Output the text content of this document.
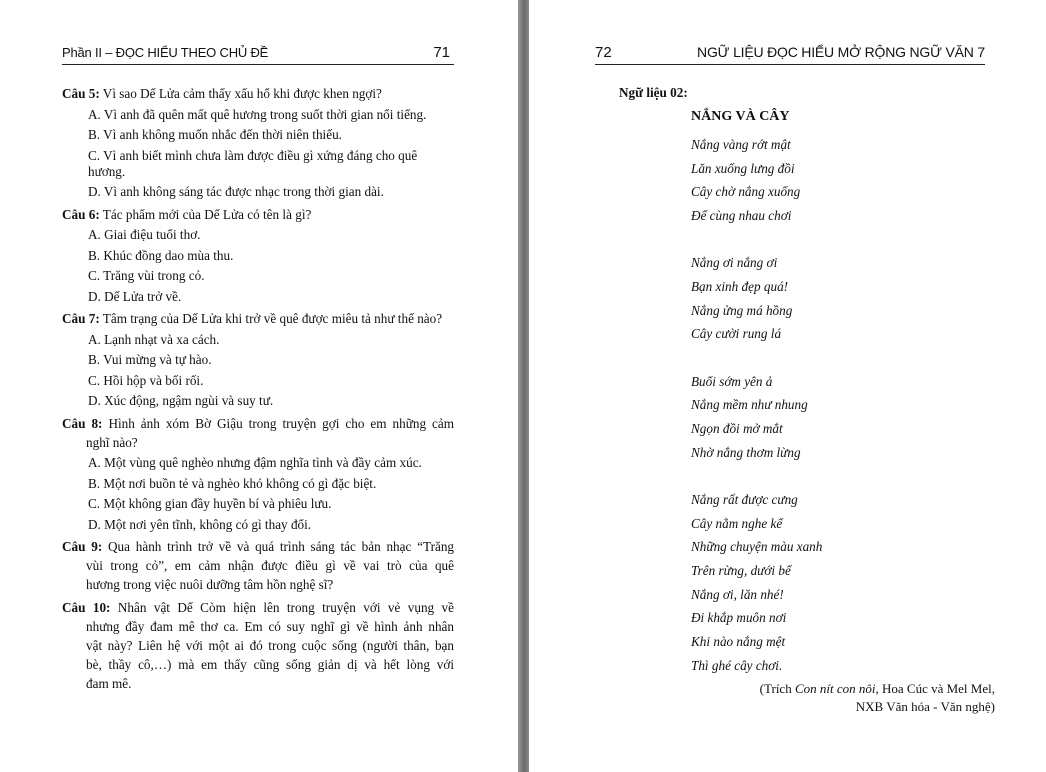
Phần II – ĐỌC HIỂU THEO CHỦ ĐỀ	71
Câu 5: Vì sao Dế Lửa cảm thấy xấu hổ khi được khen ngợi?
A. Vì anh đã quên mất quê hương trong suốt thời gian nổi tiếng.
B. Vì anh không muốn nhắc đến thời niên thiếu.
C. Vì anh biết mình chưa làm được điều gì xứng đáng cho quê hương.
D. Vì anh không sáng tác được nhạc trong thời gian dài.
Câu 6: Tác phẩm mới của Dế Lửa có tên là gì?
A. Giai điệu tuổi thơ.
B. Khúc đồng dao mùa thu.
C. Trăng vùi trong cỏ.
D. Dế Lửa trở về.
Câu 7: Tâm trạng của Dế Lửa khi trở về quê được miêu tả như thế nào?
A. Lạnh nhạt và xa cách.
B. Vui mừng và tự hào.
C. Hồi hộp và bối rối.
D. Xúc động, ngậm ngùi và suy tư.
Câu 8: Hình ảnh xóm Bờ Giậu trong truyện gợi cho em những cảm
nghĩ nào?
A. Một vùng quê nghèo nhưng đậm nghĩa tình và đầy cảm xúc.
B. Một nơi buồn tẻ và nghèo khó không có gì đặc biệt.
C. Một không gian đầy huyền bí và phiêu lưu.
D. Một nơi yên tĩnh, không có gì thay đổi.
Câu 9: Qua hành trình trở về và quá trình sáng tác bản nhạc “Trăng
vùi trong cỏ”, em cảm nhận được điều gì về vai trò của quê
hương trong việc nuôi dưỡng tâm hồn nghệ sĩ?
Câu 10: Nhân vật Dế Còm hiện lên trong truyện với vẻ vụng về
nhưng đầy đam mê thơ ca. Em có suy nghĩ gì về hình ảnh nhân
vật này? Liên hệ với một ai đó trong cuộc sống (người thân, bạn
bè, thầy cô,…) mà em thấy cũng sống giản dị và hết lòng với
đam mê.
72	NGỮ LIỆU ĐỌC HIỂU MỞ RỘNG NGỮ VĂN 7
Ngữ liệu 02:
NẮNG VÀ CÂY
Nắng vàng rớt mật
Lăn xuống lưng đồi
Cây chờ nắng xuống
Để cùng nhau chơi
Nắng ơi nắng ơi
Bạn xinh đẹp quá!
Nắng ửng má hồng
Cây cười rung lá
Buổi sớm yên ả
Nắng mềm như nhung
Ngọn đồi mở mắt
Nhờ nắng thơm lừng
Nắng rất được cưng
Cây nằm nghe kể
Những chuyện màu xanh
Trên rừng, dưới bể
Nắng ơi, lăn nhé!
Đi khắp muôn nơi
Khi nào nắng mệt
Thì ghé cây chơi.
(Trích Con nít con nôi, Hoa Cúc và Mel Mel,
NXB Văn hóa - Văn nghệ)
